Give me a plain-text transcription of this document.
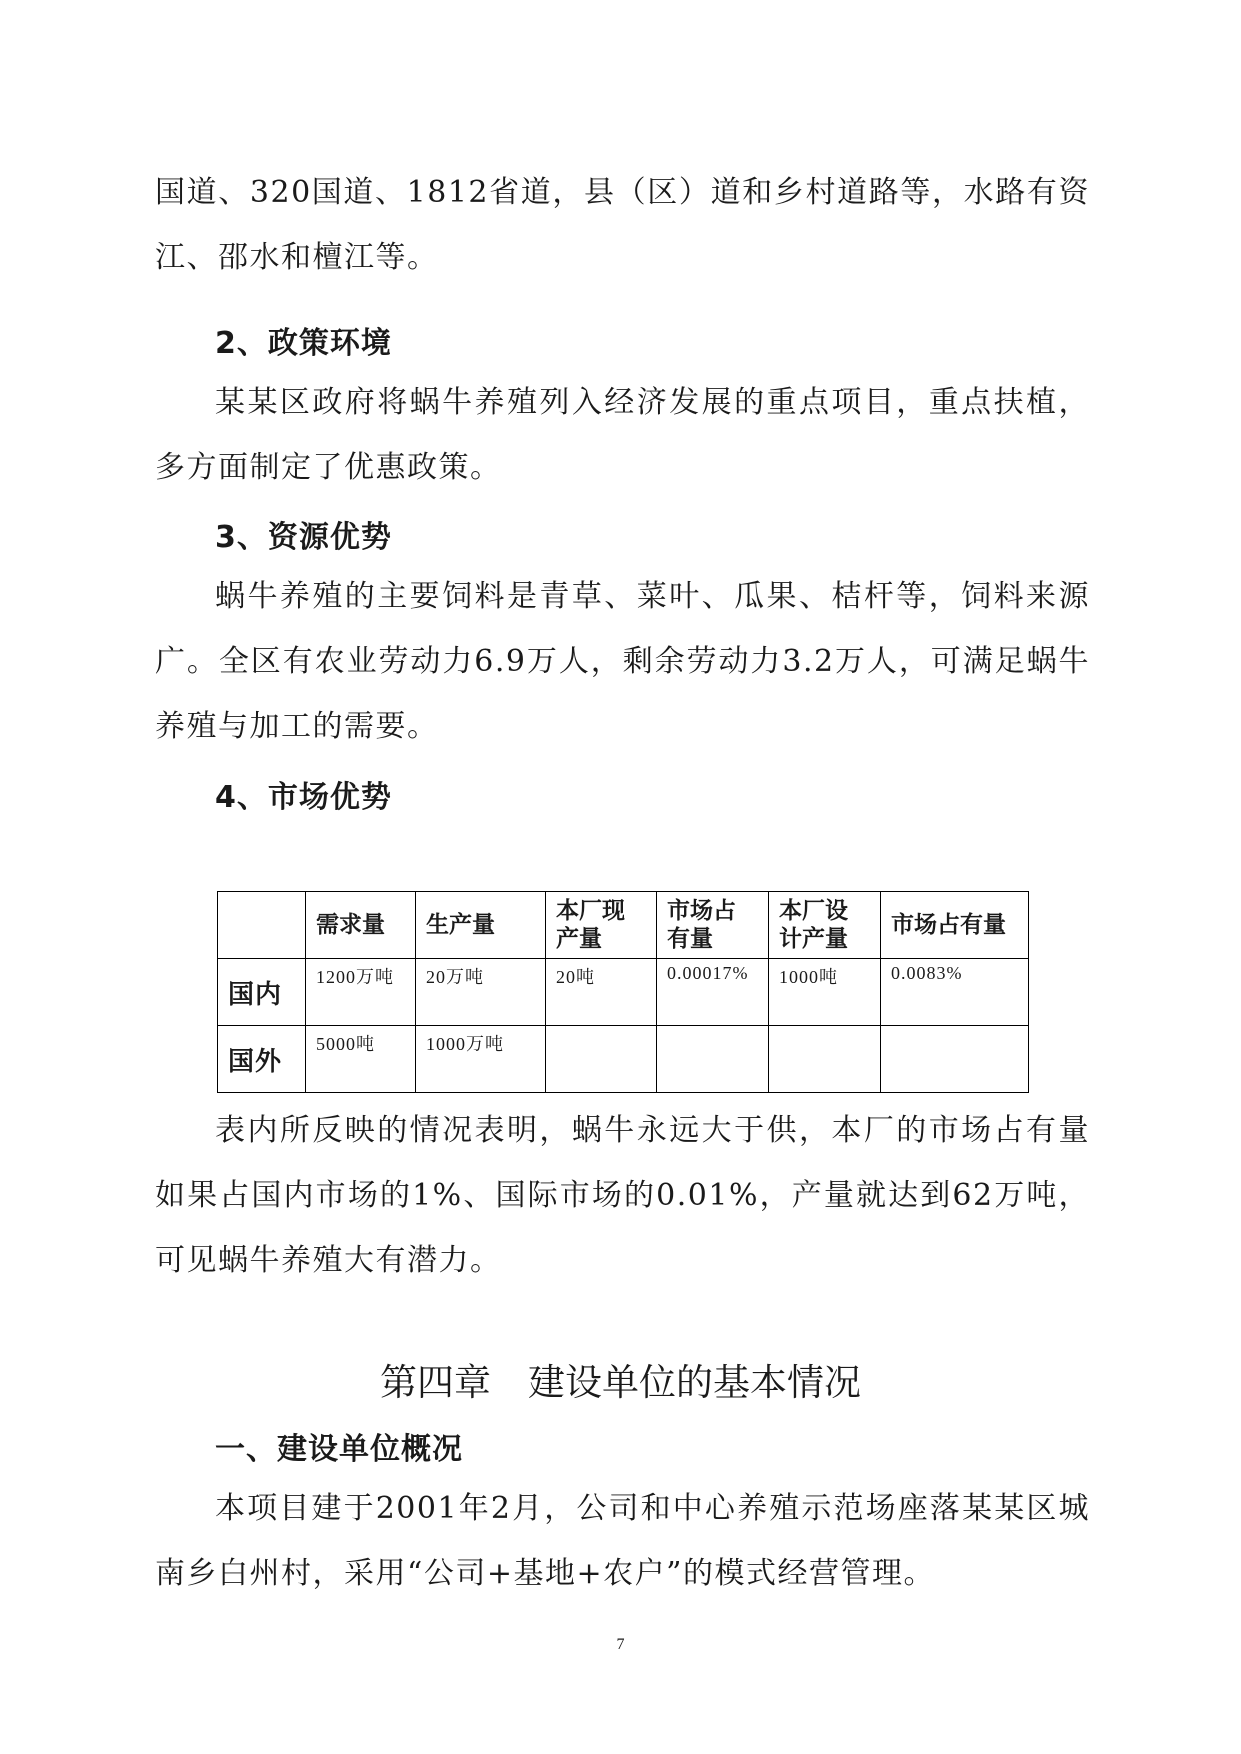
国道、320国道、1812省道，县（区）道和乡村道路等，水路有资江、邵水和檀江等。

2、政策环境

某某区政府将蜗牛养殖列入经济发展的重点项目，重点扶植，多方面制定了优惠政策。

3、资源优势

蜗牛养殖的主要饲料是青草、菜叶、瓜果、桔杆等，饲料来源广。全区有农业劳动力6.9万人，剩余劳动力3.2万人，可满足蜗牛养殖与加工的需要。

4、市场优势

	需求量	生产量	本厂现产量	市场占有量	本厂设计产量	市场占有量
国内	1200万吨	20万吨	20吨	0.00017%	1000吨	0.0083%
国外	5000吨	1000万吨				

表内所反映的情况表明，蜗牛永远大于供，本厂的市场占有量如果占国内市场的1%、国际市场的0.01%，产量就达到62万吨，可见蜗牛养殖大有潜力。

第四章　建设单位的基本情况

一、建设单位概况

本项目建于2001年2月，公司和中心养殖示范场座落某某区城南乡白州村，采用“公司+基地+农户”的模式经营管理。

7
